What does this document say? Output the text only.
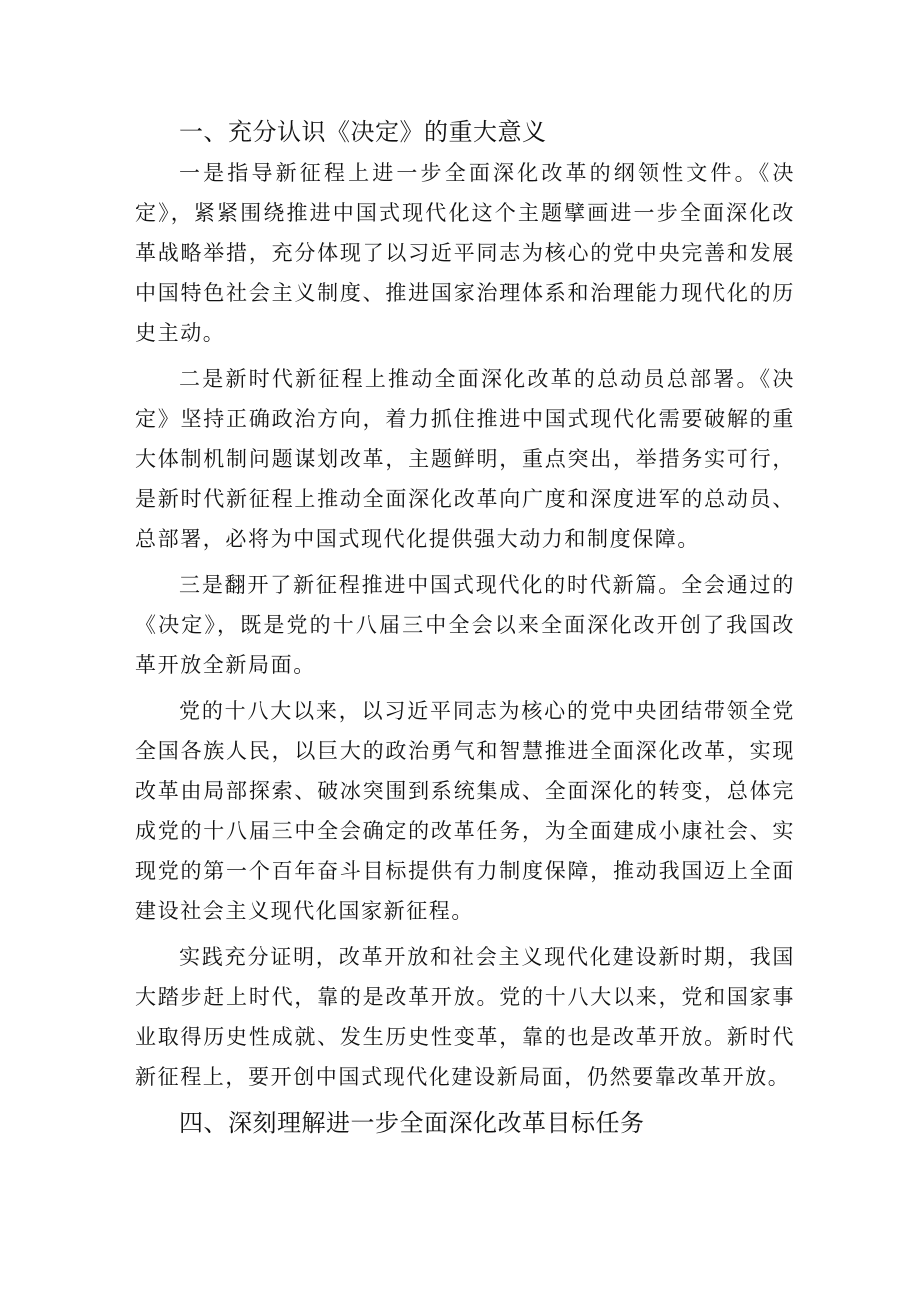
一、充分认识《决定》的重大意义

一是指导新征程上进一步全面深化改革的纲领性文件。《决定》，紧紧围绕推进中国式现代化这个主题擘画进一步全面深化改革战略举措，充分体现了以习近平同志为核心的党中央完善和发展中国特色社会主义制度、推进国家治理体系和治理能力现代化的历史主动。

二是新时代新征程上推动全面深化改革的总动员总部署。《决定》坚持正确政治方向，着力抓住推进中国式现代化需要破解的重大体制机制问题谋划改革，主题鲜明，重点突出，举措务实可行，是新时代新征程上推动全面深化改革向广度和深度进军的总动员、总部署，必将为中国式现代化提供强大动力和制度保障。

三是翻开了新征程推进中国式现代化的时代新篇。全会通过的《决定》，既是党的十八届三中全会以来全面深化改开创了我国改革开放全新局面。

党的十八大以来，以习近平同志为核心的党中央团结带领全党全国各族人民，以巨大的政治勇气和智慧推进全面深化改革，实现改革由局部探索、破冰突围到系统集成、全面深化的转变，总体完成党的十八届三中全会确定的改革任务，为全面建成小康社会、实现党的第一个百年奋斗目标提供有力制度保障，推动我国迈上全面建设社会主义现代化国家新征程。

实践充分证明，改革开放和社会主义现代化建设新时期，我国大踏步赶上时代，靠的是改革开放。党的十八大以来，党和国家事业取得历史性成就、发生历史性变革，靠的也是改革开放。新时代新征程上，要开创中国式现代化建设新局面，仍然要靠改革开放。

四、深刻理解进一步全面深化改革目标任务
